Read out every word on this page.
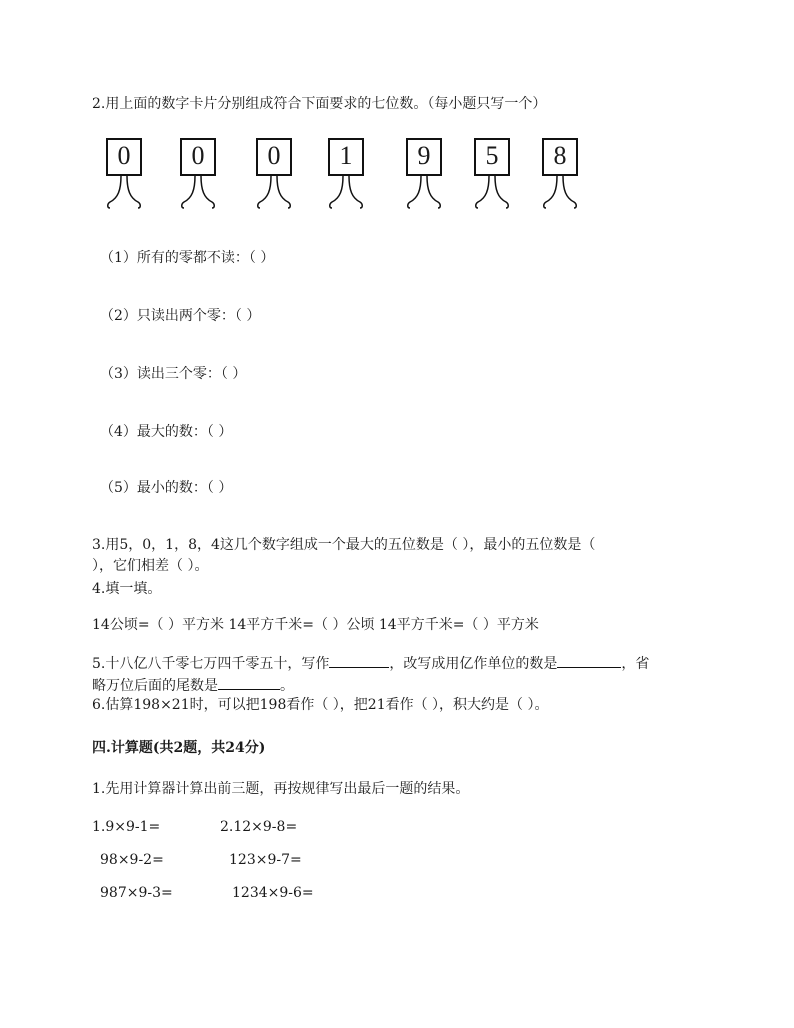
2.用上面的数字卡片分别组成符合下面要求的七位数。（每小题只写一个）
0	0	0	1	9	5	8
（1）所有的零都不读：（ ）
（2）只读出两个零：（ ）
（3）读出三个零：（ ）
（4）最大的数：（ ）
（5）最小的数：（ ）
3.用5，0，1，8，4这几个数字组成一个最大的五位数是（ ），最小的五位数是（
），它们相差（ ）。
4.填一填。
14公顷=（ ）平方米 14平方千米=（ ）公顷 14平方千米=（ ）平方米
5.十八亿八千零七万四千零五十，写作	，改写成用亿作单位的数是	，省
略万位后面的尾数是	。
6.估算198×21时，可以把198看作（ ），把21看作（ ），积大约是（ ）。
四.计算题(共2题，共24分)
1.先用计算器计算出前三题，再按规律写出最后一题的结果。
1.9×9-1=	2.12×9-8=
98×9-2=	123×9-7=
987×9-3=	1234×9-6=
